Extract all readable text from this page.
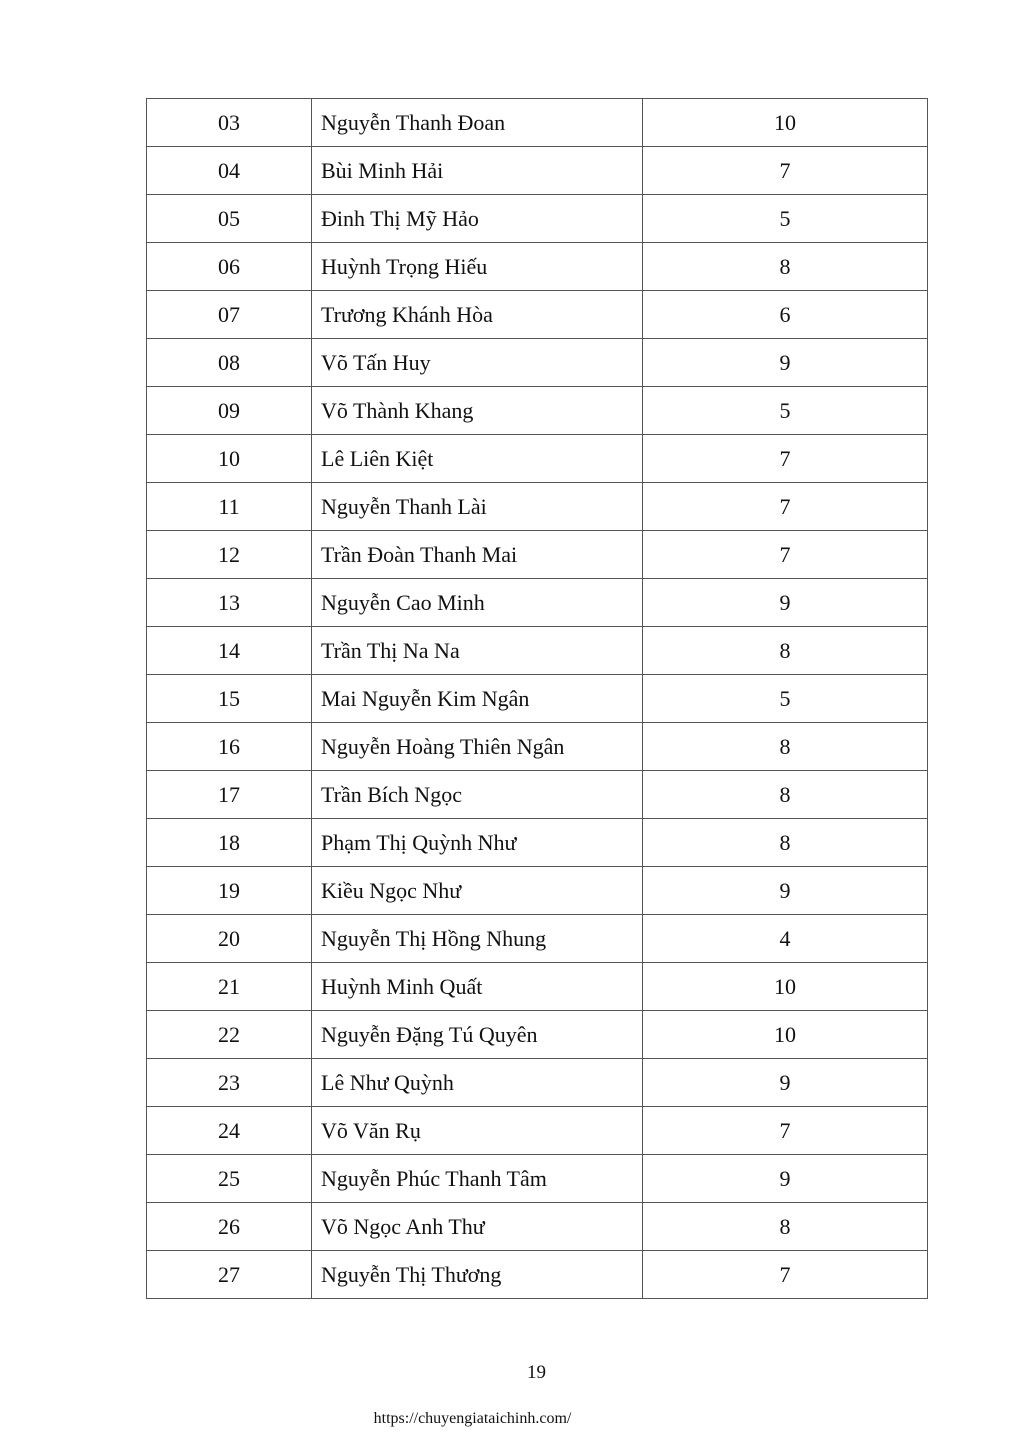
03	Nguyễn Thanh Đoan	10
04	Bùi Minh Hải	7
05	Đinh Thị Mỹ Hảo	5
06	Huỳnh Trọng Hiếu	8
07	Trương Khánh Hòa	6
08	Võ Tấn Huy	9
09	Võ Thành Khang	5
10	Lê Liên Kiệt	7
11	Nguyễn Thanh Lài	7
12	Trần Đoàn Thanh Mai	7
13	Nguyễn Cao Minh	9
14	Trần Thị Na Na	8
15	Mai Nguyễn Kim Ngân	5
16	Nguyễn Hoàng Thiên Ngân	8
17	Trần Bích Ngọc	8
18	Phạm Thị Quỳnh Như	8
19	Kiều Ngọc Như	9
20	Nguyễn Thị Hồng Nhung	4
21	Huỳnh Minh Quất	10
22	Nguyễn Đặng Tú Quyên	10
23	Lê Như Quỳnh	9
24	Võ Văn Rụ	7
25	Nguyễn Phúc Thanh Tâm	9
26	Võ Ngọc Anh Thư	8
27	Nguyễn Thị Thương	7
19
https://chuyengiataichinh.com/
